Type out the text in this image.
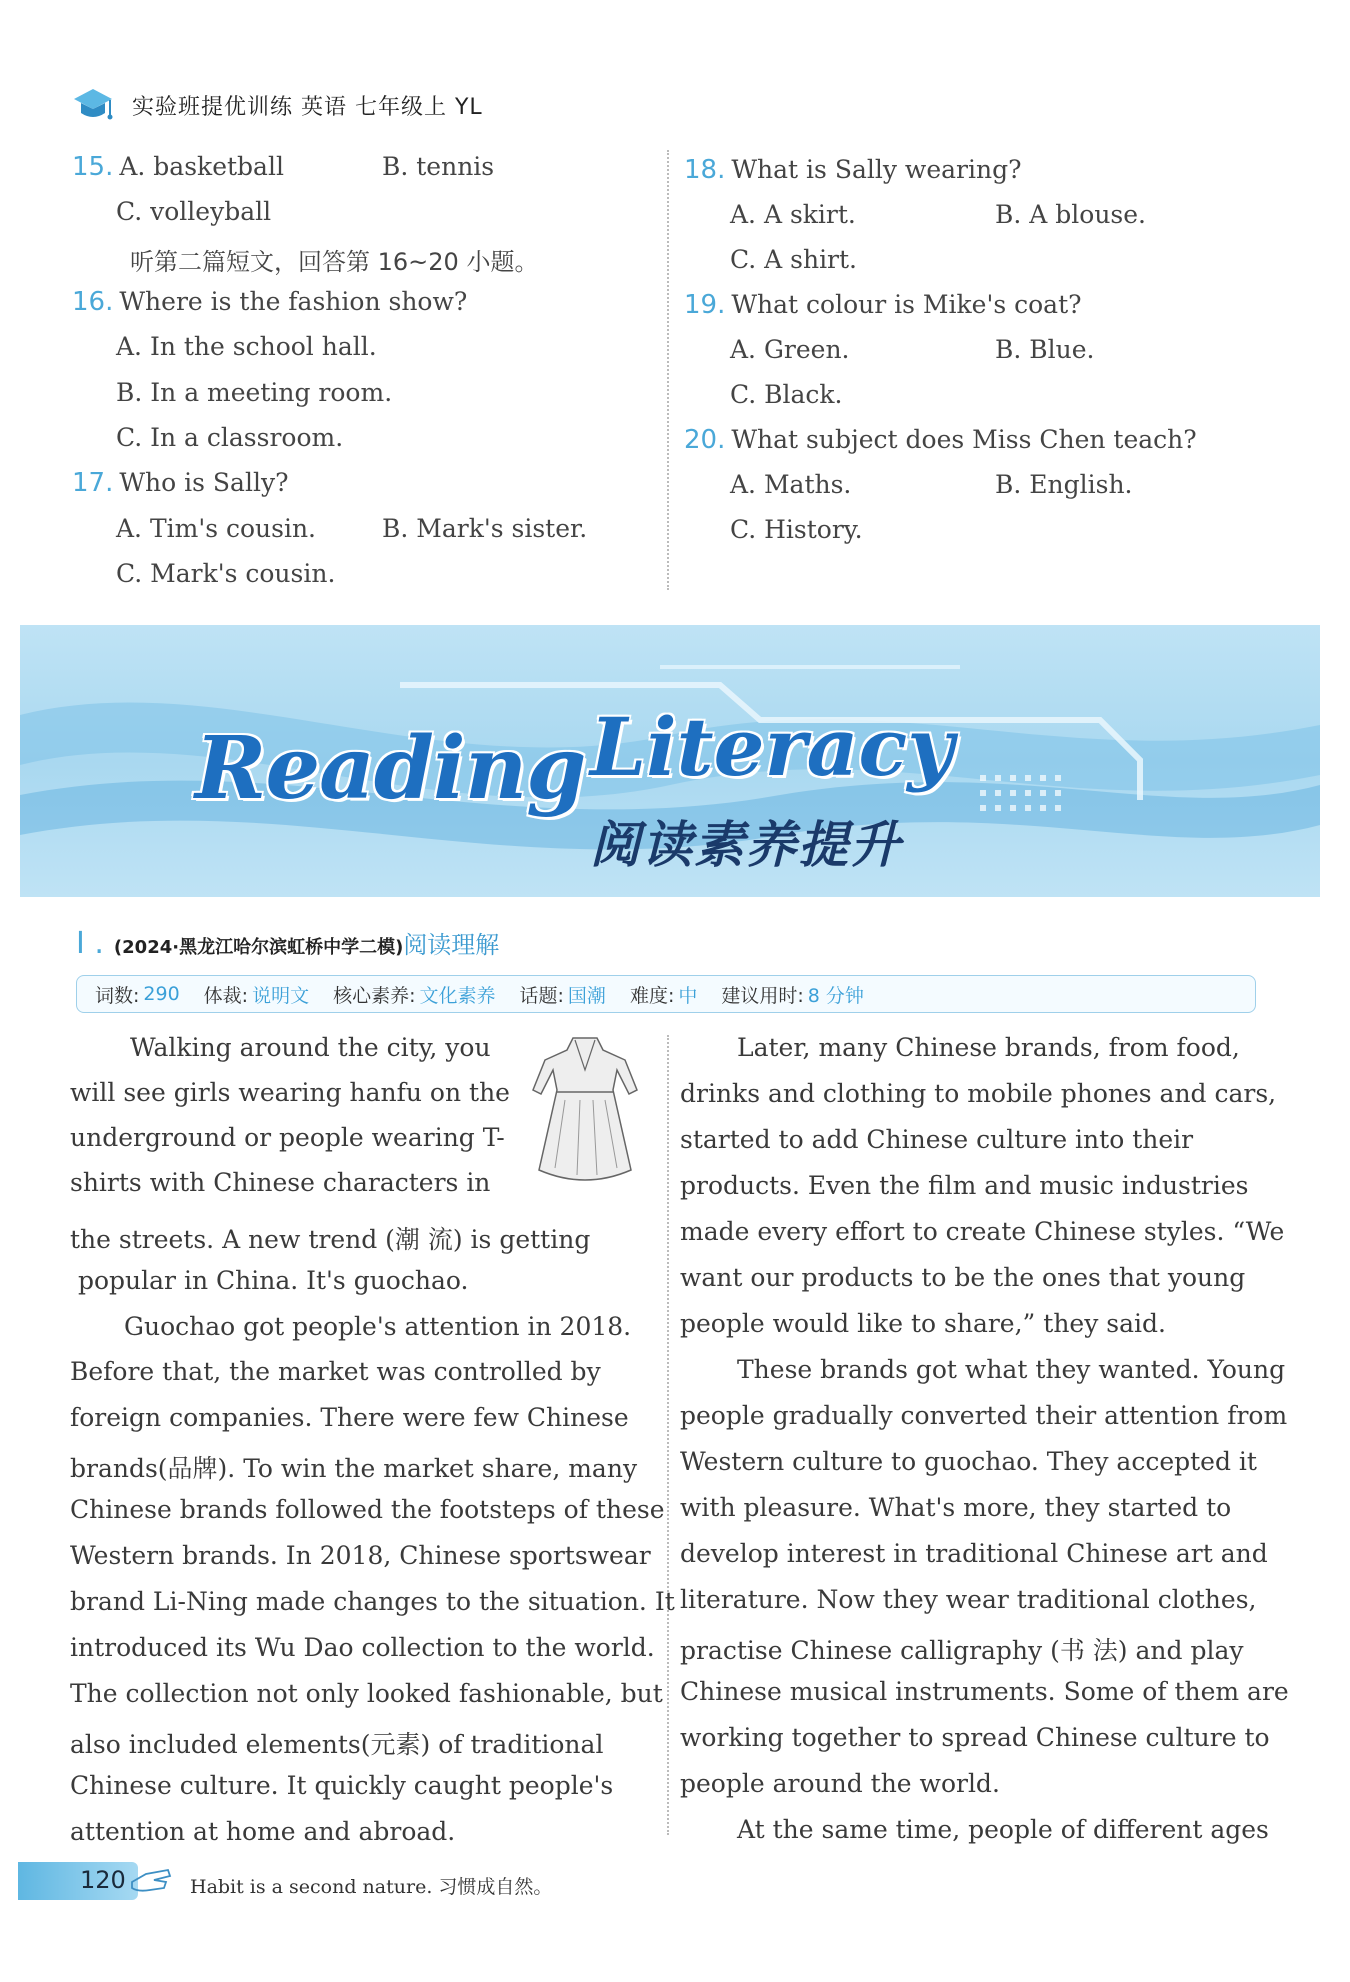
实验班提优训练 英语 七年级上 YL
15. A. basketball	B. tennis
C. volleyball
听第二篇短文，回答第 16~20 小题。
16. Where is the fashion show?
A. In the school hall.
B. In a meeting room.
C. In a classroom.
17. Who is Sally?
A. Tim's cousin.	B. Mark's sister.
C. Mark's cousin.
18. What is Sally wearing?
A. A skirt.	B. A blouse.
C. A shirt.
19. What colour is Mike's coat?
A. Green.	B. Blue.
C. Black.
20. What subject does Miss Chen teach?
A. Maths.	B. English.
C. History.
Reading Literacy
阅读素养提升
I . (2024·黑龙江哈尔滨虹桥中学二模)阅读理解
词数: 290 体裁: 说明文 核心素养: 文化素养 话题: 国潮 难度: 中 建议用时: 8 分钟
Walking around the city, you
will see girls wearing hanfu on the
underground or people wearing T-
shirts with Chinese characters in
the streets. A new trend (潮 流) is getting
popular in China. It's guochao.
Guochao got people's attention in 2018.
Before that, the market was controlled by
foreign companies. There were few Chinese
brands(品牌). To win the market share, many
Chinese brands followed the footsteps of these
Western brands. In 2018, Chinese sportswear
brand Li-Ning made changes to the situation. It
introduced its Wu Dao collection to the world.
The collection not only looked fashionable, but
also included elements(元素) of traditional
Chinese culture. It quickly caught people's
attention at home and abroad.
Later, many Chinese brands, from food,
drinks and clothing to mobile phones and cars,
started to add Chinese culture into their
products. Even the film and music industries
made every effort to create Chinese styles. “We
want our products to be the ones that young
people would like to share,” they said.
These brands got what they wanted. Young
people gradually converted their attention from
Western culture to guochao. They accepted it
with pleasure. What's more, they started to
develop interest in traditional Chinese art and
literature. Now they wear traditional clothes,
practise Chinese calligraphy (书 法) and play
Chinese musical instruments. Some of them are
working together to spread Chinese culture to
people around the world.
At the same time, people of different ages
120	Habit is a second nature. 习惯成自然。
